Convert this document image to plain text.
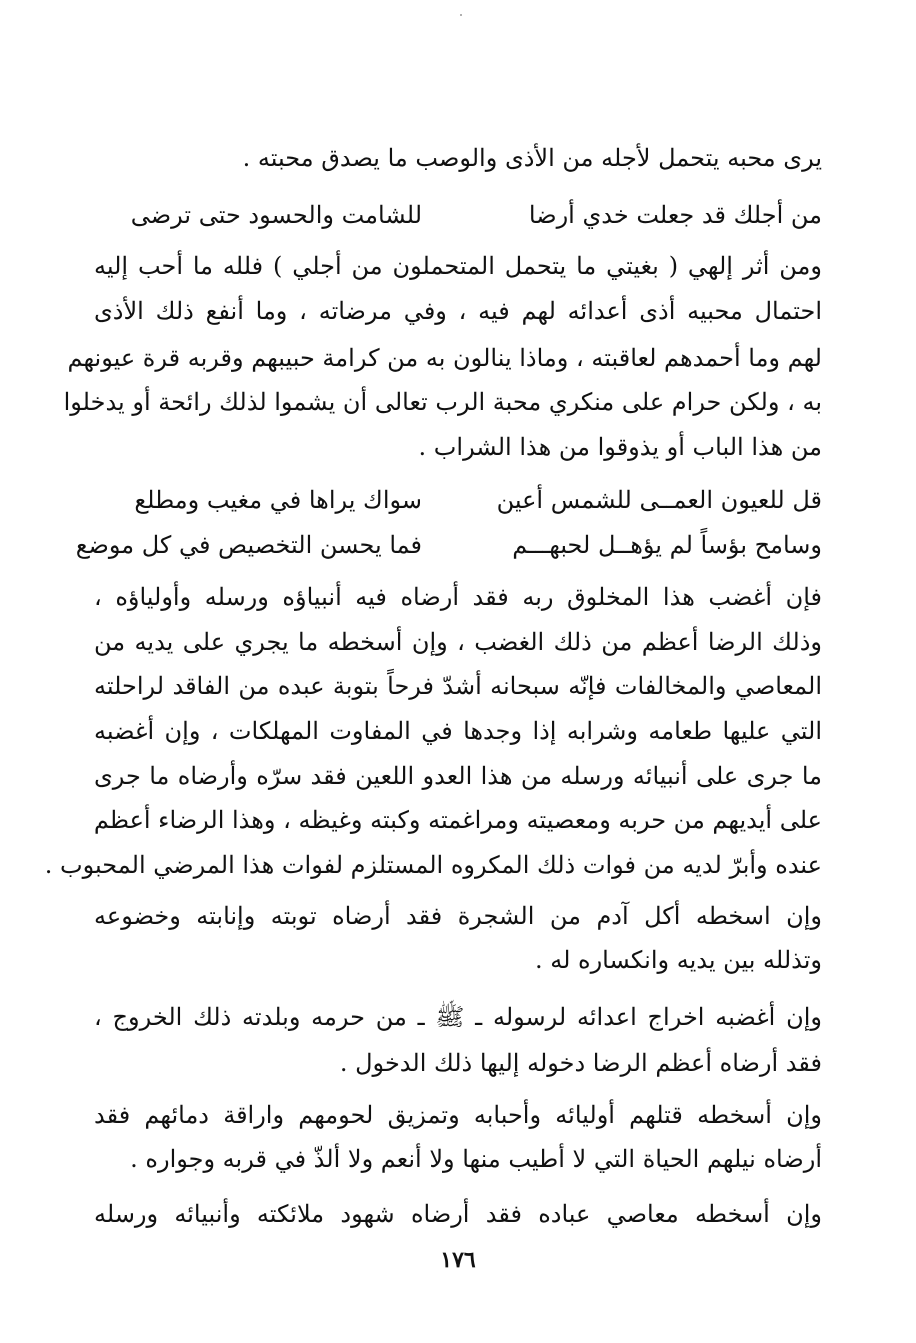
يرى محبه يتحمل لأجله من الأذى والوصب ما يصدق محبته .
من أجلك قد جعلت خدي أرضا
للشامت والحسود حتى ترضى
ومن أثر إلهي ( بغيتي ما يتحمل المتحملون من أجلي ) فلله ما أحب إليه
احتمال محبيه أذى أعدائه لهم فيه ، وفي مرضاته ، وما أنفع ذلك الأذى
لهم وما أحمدهم لعاقبته ، وماذا ينالون به من كرامة حبيبهم وقربه قرة عيونهم
به ، ولكن حرام على منكري محبة الرب تعالى أن يشموا لذلك رائحة أو يدخلوا
من هذا الباب أو يذوقوا من هذا الشراب .
قل للعيون العمــى للشمس أعين
سواك يراها في مغيب ومطلع
وسامح بؤساً لم يؤهــل لحبهـــم
فما يحسن التخصيص في كل موضع
فإن أغضب هذا المخلوق ربه فقد أرضاه فيه أنبياؤه ورسله وأولياؤه ،
وذلك الرضا أعظم من ذلك الغضب ، وإن أسخطه ما يجري على يديه من
المعاصي والمخالفات فإنّه سبحانه أشدّ فرحاً بتوبة عبده من الفاقد لراحلته
التي عليها طعامه وشرابه إذا وجدها في المفاوت المهلكات ، وإن أغضبه
ما جرى على أنبيائه ورسله من هذا العدو اللعين فقد سرّه وأرضاه ما جرى
على أيديهم من حربه ومعصيته ومراغمته وكبته وغيظه ، وهذا الرضاء أعظم
عنده وأبرّ لديه من فوات ذلك المكروه المستلزم لفوات هذا المرضي المحبوب .
وإن اسخطه أكل آدم من الشجرة فقد أرضاه توبته وإنابته وخضوعه
وتذلله بين يديه وانكساره له .
وإن أغضبه اخراج اعدائه لرسوله ـ ﷺ ـ من حرمه وبلدته ذلك الخروج ،
فقد أرضاه أعظم الرضا دخوله إليها ذلك الدخول .
وإن أسخطه قتلهم أوليائه وأحبابه وتمزيق لحومهم واراقة دمائهم فقد
أرضاه نيلهم الحياة التي لا أطيب منها ولا أنعم ولا ألذّ في قربه وجواره .
وإن أسخطه معاصي عباده فقد أرضاه شهود ملائكته وأنبيائه ورسله
١٧٦
